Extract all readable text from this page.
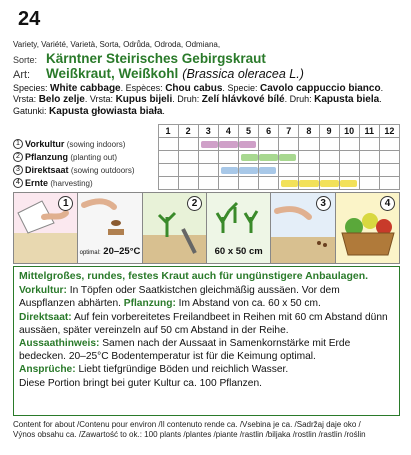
24
Variety, Variété, Varietà, Sorta, Odrůda, Odroda, Odmiana,
Sorte: Kärntner Steirisches Gebirgskraut
Art:	Weißkraut, Weißkohl (Brassica oleracea L.)
Species: White cabbage. Espèces: Chou cabus. Specie: Cavolo cappuccio bianco.
Vrsta: Belo zelje. Vrsta: Kupus bijeli. Druh: Zelí hlávkové bílé. Druh: Kapusta biela.
Gatunki: Kapusta głowiasta biała.
	1	2	3	4	5	6	7	8	9	10	11	12
1 Vorkultur (sowing indoors)			

2 Pflanzung (planting out)					

3 Direktsaat (sowing outdoors)				

4 Ernte (harvesting)							

1
optimal: 20–25°C
2
60 x 50 cm
3	4
Mittelgroßes, rundes, festes Kraut auch für ungünstigere Anbaulagen.
Vorkultur: In Töpfen oder Saatkistchen gleichmäßig aussäen. Vor dem Auspflanzen abhärten. Pflanzung: Im Abstand von ca. 60 x 50 cm.
Direktsaat: Auf fein vorbereitetes Freilandbeet in Reihen mit 60 cm Abstand dünn aussäen, später vereinzeln auf 50 cm Abstand in der Reihe.
Aussaathinweis: Samen nach der Aussaat in Samenkornstärke mit Erde bedecken. 20–25°C Bodentemperatur ist für die Keimung optimal.
Ansprüche: Liebt tiefgründige Böden und reichlich Wasser.
Diese Portion bringt bei guter Kultur ca. 100 Pflanzen.
Content for about /Contenu pour environ /Il contenuto rende ca. /Vsebina je ca. /Sadržaj daje oko /
Výnos obsahu ca. /Zawartość to ok.: 100 plants /plantes /piante /rastlin /biljaka /rostlin /rastlin /roślin
